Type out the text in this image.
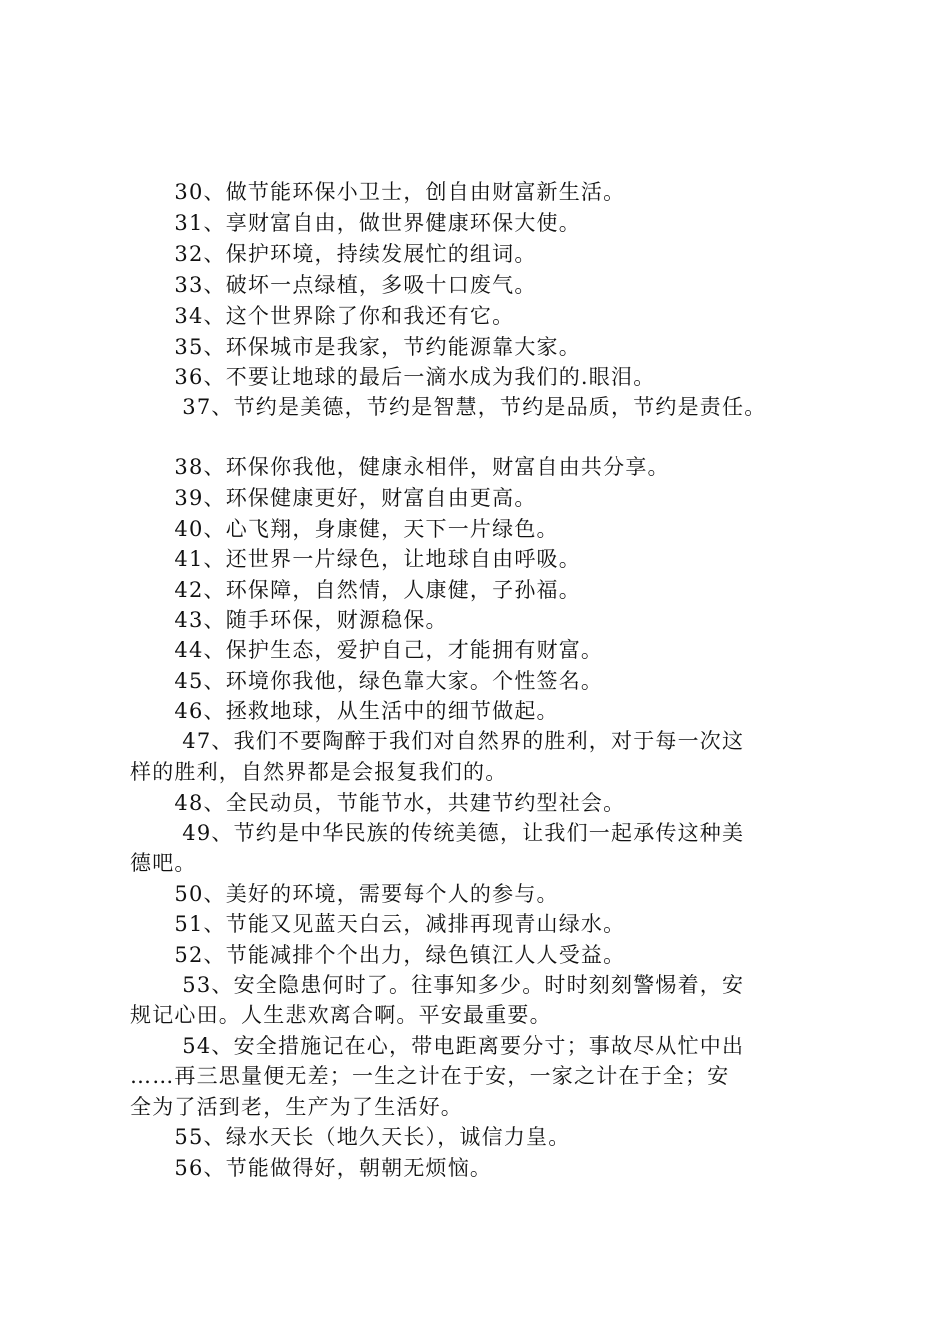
　　30、做节能环保小卫士，创自由财富新生活。
　　31、享财富自由，做世界健康环保大使。
　　32、保护环境，持续发展忙的组词。
　　33、破坏一点绿植，多吸十口废气。
　　34、这个世界除了你和我还有它。
　　35、环保城市是我家，节约能源靠大家。
　　36、不要让地球的最后一滴水成为我们的.眼泪。
　　 37、节约是美德，节约是智慧，节约是品质，节约是责任。
　　38、环保你我他，健康永相伴，财富自由共分享。
　　39、环保健康更好，财富自由更高。
　　40、心飞翔，身康健，天下一片绿色。
　　41、还世界一片绿色，让地球自由呼吸。
　　42、环保障，自然情，人康健，子孙福。
　　43、随手环保，财源稳保。
　　44、保护生态，爱护自己，才能拥有财富。
　　45、环境你我他，绿色靠大家。个性签名。
　　46、拯救地球，从生活中的细节做起。
　　 47、我们不要陶醉于我们对自然界的胜利，对于每一次这
样的胜利，自然界都是会报复我们的。
　　48、全民动员，节能节水，共建节约型社会。
　　 49、节约是中华民族的传统美德，让我们一起承传这种美
德吧。
　　50、美好的环境，需要每个人的参与。
　　51、节能又见蓝天白云，减排再现青山绿水。
　　52、节能减排个个出力，绿色镇江人人受益。
　　 53、安全隐患何时了。往事知多少。时时刻刻警惕着，安
规记心田。人生悲欢离合啊。平安最重要。
　　 54、安全措施记在心，带电距离要分寸；事故尽从忙中出
……再三思量便无差；一生之计在于安，一家之计在于全；安
全为了活到老，生产为了生活好。
　　55、绿水天长（地久天长），诚信力皇。
　　56、节能做得好，朝朝无烦恼。
